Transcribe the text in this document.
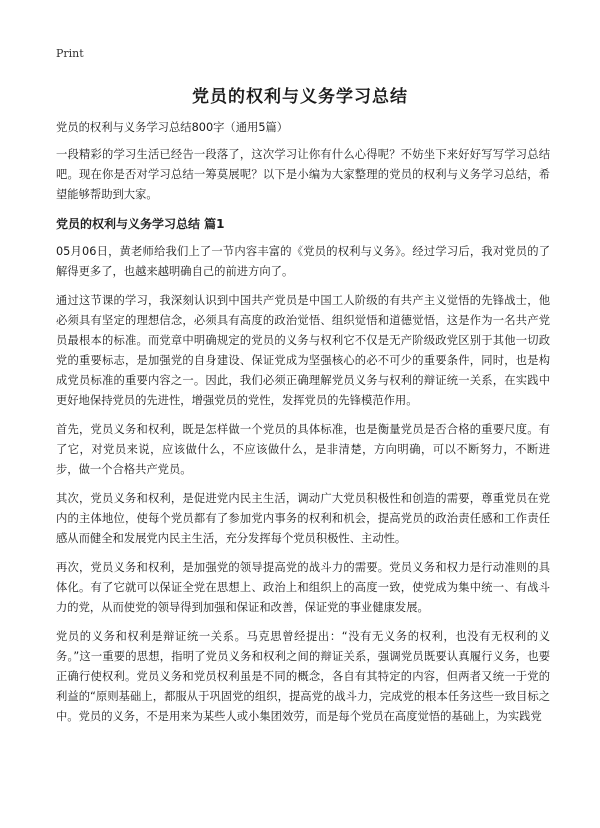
Print
党员的权利与义务学习总结

党员的权利与义务学习总结800字（通用5篇）

一段精彩的学习生活已经告一段落了，这次学习让你有什么心得呢？不妨坐下来好好写写学习总结吧。现在你是否对学习总结一筹莫展呢？以下是小编为大家整理的党员的权利与义务学习总结，希望能够帮助到大家。

党员的权利与义务学习总结 篇1

05月06日，黄老师给我们上了一节内容丰富的《党员的权利与义务》。经过学习后，我对党员的了解得更多了，也越来越明确自己的前进方向了。

通过这节课的学习，我深刻认识到中国共产党员是中国工人阶级的有共产主义觉悟的先锋战士，他必须具有坚定的理想信念，必须具有高度的政治觉悟、组织觉悟和道德觉悟，这是作为一名共产党员最根本的标准。而党章中明确规定的党员的义务与权利它不仅是无产阶级政党区别于其他一切政党的重要标志，是加强党的自身建设、保证党成为坚强核心的必不可少的重要条件，同时，也是构成党员标准的重要内容之一。因此，我们必须正确理解党员义务与权利的辩证统一关系，在实践中更好地保持党员的先进性，增强党员的党性，发挥党员的先锋模范作用。

首先，党员义务和权利，既是怎样做一个党员的具体标准，也是衡量党员是否合格的重要尺度。有了它，对党员来说，应该做什么，不应该做什么，是非清楚，方向明确，可以不断努力，不断进步，做一个合格共产党员。

其次，党员义务和权利，是促进党内民主生活，调动广大党员积极性和创造的需要，尊重党员在党内的主体地位，使每个党员都有了参加党内事务的权利和机会，提高党员的政治责任感和工作责任感从而健全和发展党内民主生活，充分发挥每个党员积极性、主动性。

再次，党员义务和权利，是加强党的领导提高党的战斗力的需要。党员义务和权力是行动准则的具体化。有了它就可以保证全党在思想上、政治上和组织上的高度一致，使党成为集中统一、有战斗力的党，从而使党的领导得到加强和保证和改善，保证党的事业健康发展。

党员的义务和权利是辩证统一关系。马克思曾经提出：“没有无义务的权利，也没有无权利的义务。”这一重要的思想，指明了党员义务和权利之间的辩证关系，强调党员既要认真履行义务，也要正确行使权利。党员义务和党员权利虽是不同的概念，各自有其特定的内容，但两者又统一于党的利益的“原则基础上，都服从于巩固党的组织，提高党的战斗力，完成党的根本任务这些一致目标之中。党员的义务，不是用来为某些人或小集团效劳，而是每个党员在高度觉悟的基础上，为实践党
